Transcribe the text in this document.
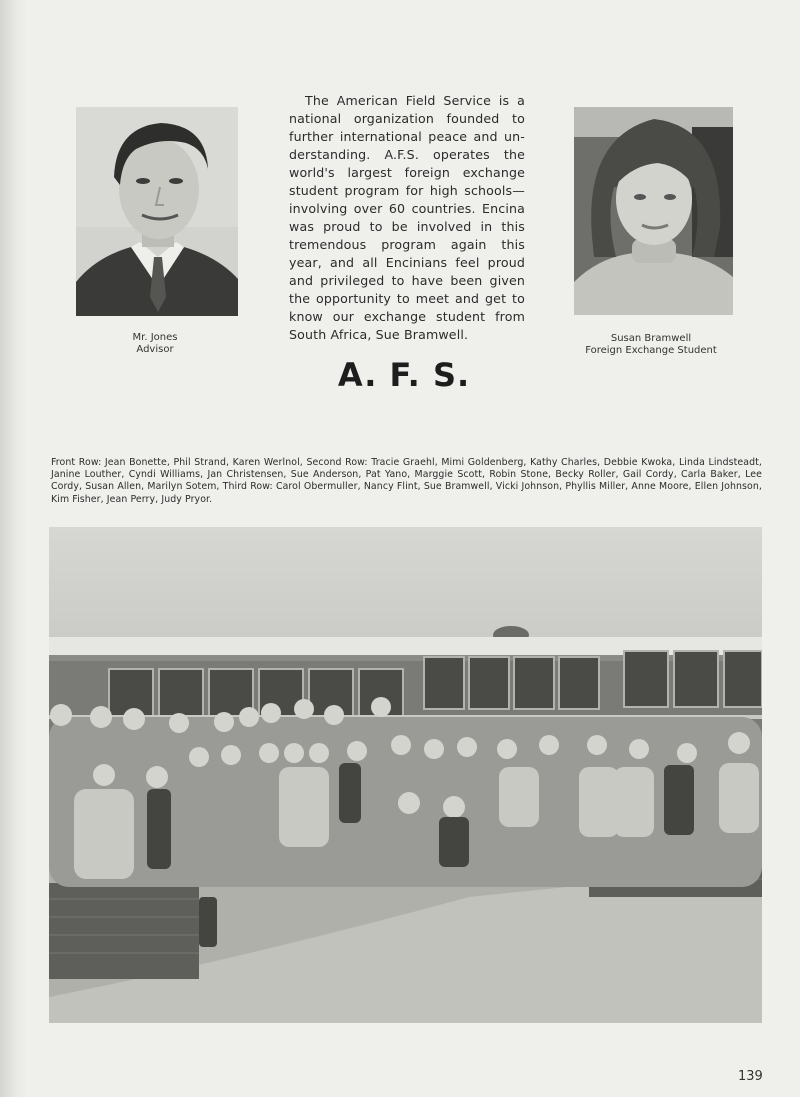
Mr. Jones
Advisor
The American Field Service is a
national organization founded to
further international peace and un-
derstanding. A.F.S. operates the
world's largest foreign exchange
student program for high schools—
involving over 60 countries. Encina
was proud to be involved in this
tremendous program again this
year, and all Encinians feel proud
and privileged to have been given
the opportunity to meet and get to
know our exchange student from
South Africa, Sue Bramwell.	Susan Bramwell
Foreign Exchange Student
A. F. S.
Front Row: Jean Bonette, Phil Strand, Karen Werlnol, Second Row: Tracie Graehl, Mimi Goldenberg, Kathy Charles, Debbie Kwoka, Linda Lindsteadt, Janine Louther, Cyndi Williams, Jan Christensen, Sue Anderson, Pat Yano, Marggie Scott, Robin Stone, Becky Roller, Gail Cordy, Carla Baker, Lee Cordy, Susan Allen, Marilyn Sotem, Third Row: Carol Obermuller, Nancy Flint, Sue Bramwell, Vicki Johnson, Phyllis Miller, Anne Moore, Ellen Johnson, Kim Fisher, Jean Perry, Judy Pryor.
139
